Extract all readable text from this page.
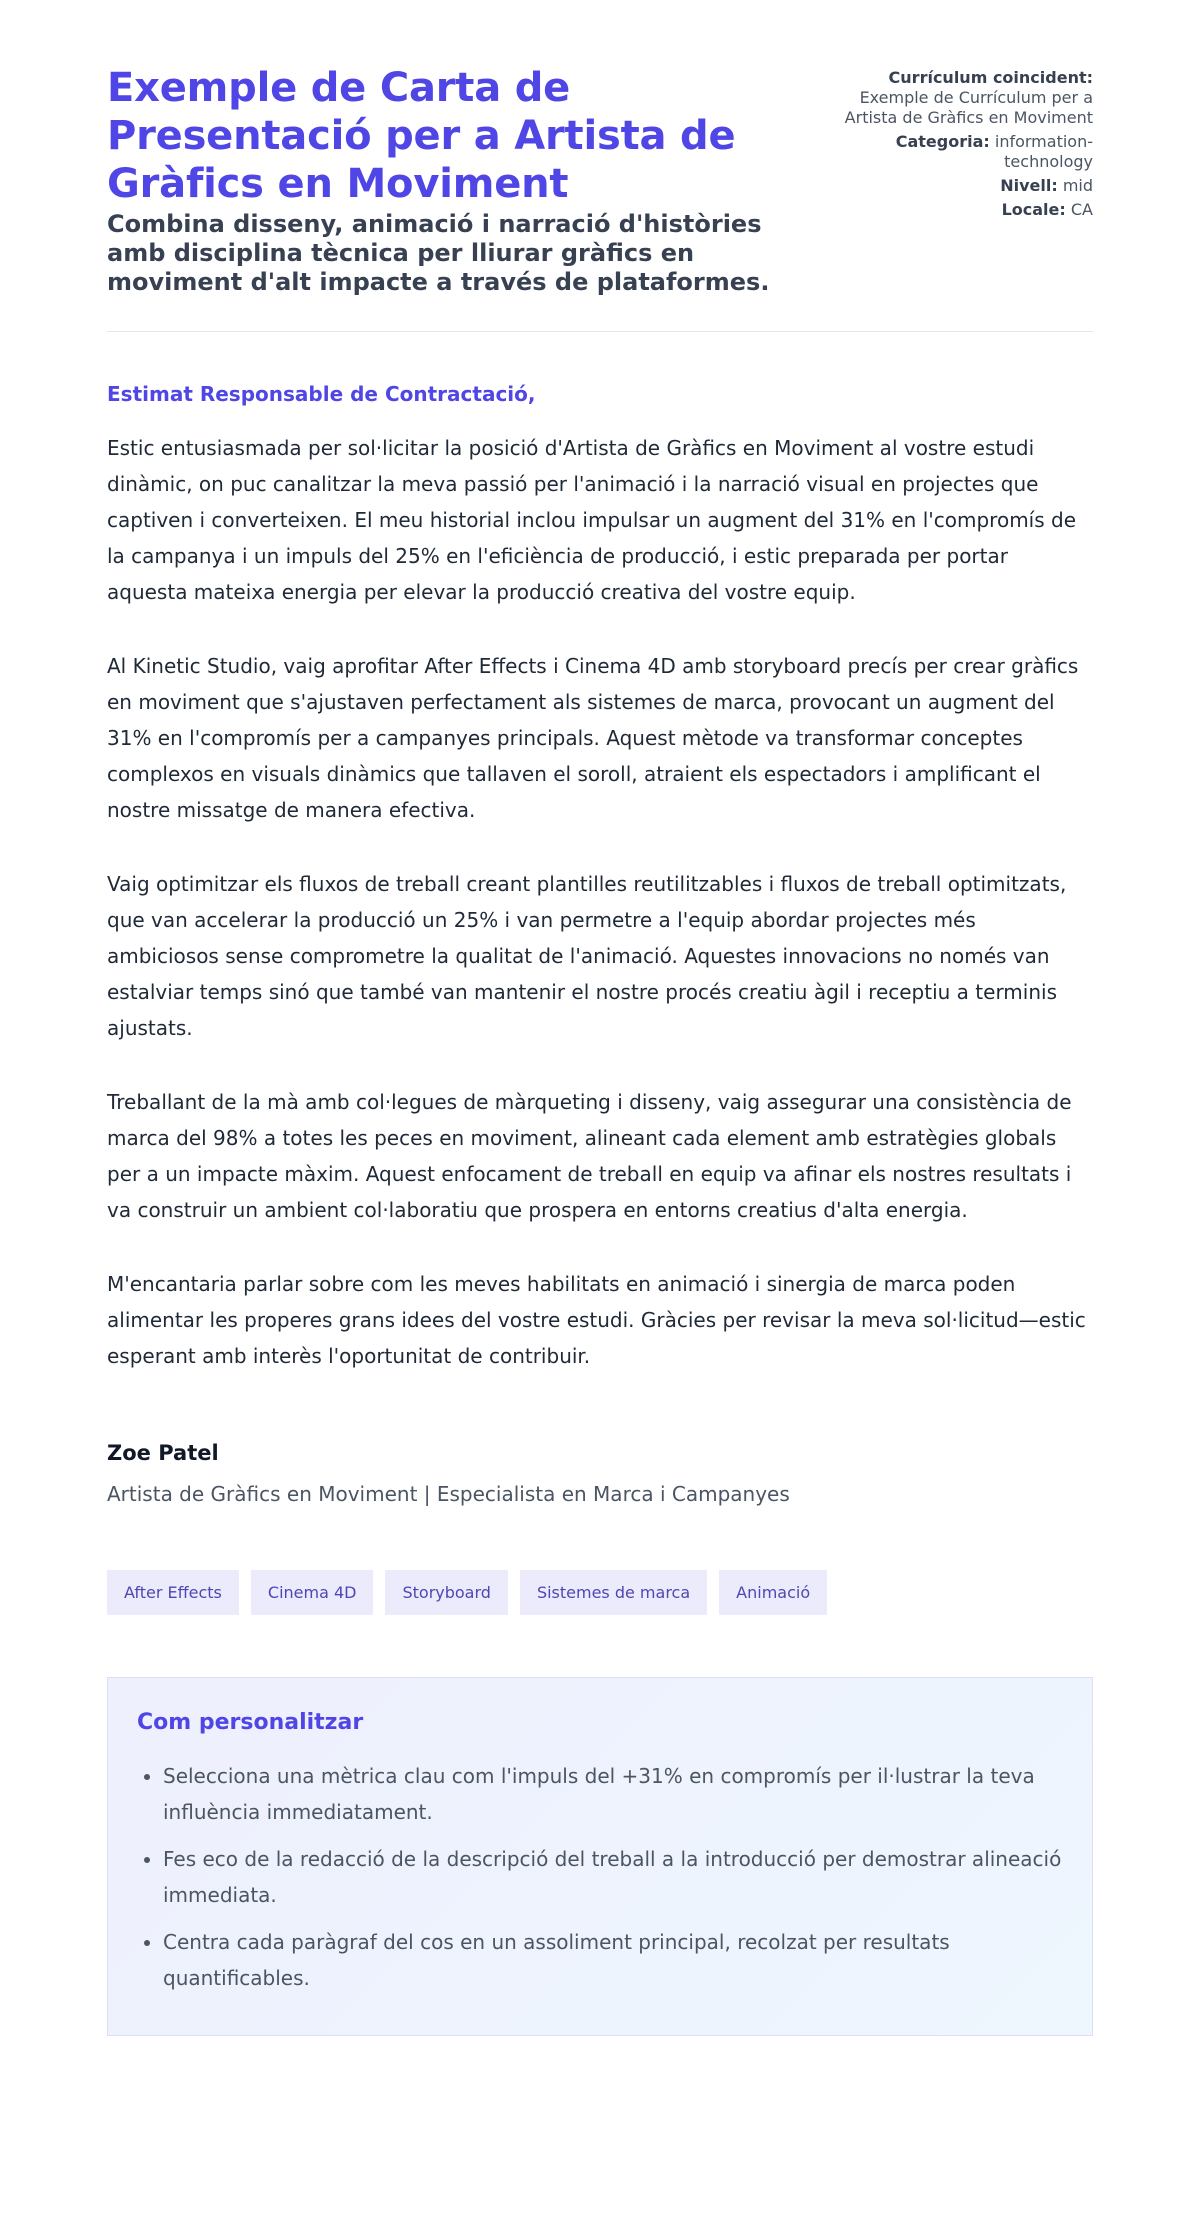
Exemple de Carta de Presentació per a Artista de Gràfics en Moviment
Combina disseny, animació i narració d'històries amb disciplina tècnica per lliurar gràfics en moviment d'alt impacte a través de plataformes.
Currículum coincident: Exemple de Currículum per a Artista de Gràfics en Moviment
Categoria: information-technology
Nivell: mid
Locale: CA
Estimat Responsable de Contractació,

Estic entusiasmada per sol·licitar la posició d'Artista de Gràfics en Moviment al vostre estudi dinàmic, on puc canalitzar la meva passió per l'animació i la narració visual en projectes que captiven i converteixen. El meu historial inclou impulsar un augment del 31% en l'compromís de la campanya i un impuls del 25% en l'eficiència de producció, i estic preparada per portar aquesta mateixa energia per elevar la producció creativa del vostre equip.

Al Kinetic Studio, vaig aprofitar After Effects i Cinema 4D amb storyboard precís per crear gràfics en moviment que s'ajustaven perfectament als sistemes de marca, provocant un augment del 31% en l'compromís per a campanyes principals. Aquest mètode va transformar conceptes complexos en visuals dinàmics que tallaven el soroll, atraient els espectadors i amplificant el nostre missatge de manera efectiva.

Vaig optimitzar els fluxos de treball creant plantilles reutilitzables i fluxos de treball optimitzats, que van accelerar la producció un 25% i van permetre a l'equip abordar projectes més ambiciosos sense comprometre la qualitat de l'animació. Aquestes innovacions no només van estalviar temps sinó que també van mantenir el nostre procés creatiu àgil i receptiu a terminis ajustats.

Treballant de la mà amb col·legues de màrqueting i disseny, vaig assegurar una consistència de marca del 98% a totes les peces en moviment, alineant cada element amb estratègies globals per a un impacte màxim. Aquest enfocament de treball en equip va afinar els nostres resultats i va construir un ambient col·laboratiu que prospera en entorns creatius d'alta energia.

M'encantaria parlar sobre com les meves habilitats en animació i sinergia de marca poden alimentar les properes grans idees del vostre estudi. Gràcies per revisar la meva sol·licitud—estic esperant amb interès l'oportunitat de contribuir.

Zoe Patel
Artista de Gràfics en Moviment | Especialista en Marca i Campanyes
After Effects	Cinema 4D	Storyboard	Sistemes de marca	Animació
Com personalitzar
• Selecciona una mètrica clau com l'impuls del +31% en compromís per il·lustrar la teva influència immediatament.
• Fes eco de la redacció de la descripció del treball a la introducció per demostrar alineació immediata.
• Centra cada paràgraf del cos en un assoliment principal, recolzat per resultats quantificables.
